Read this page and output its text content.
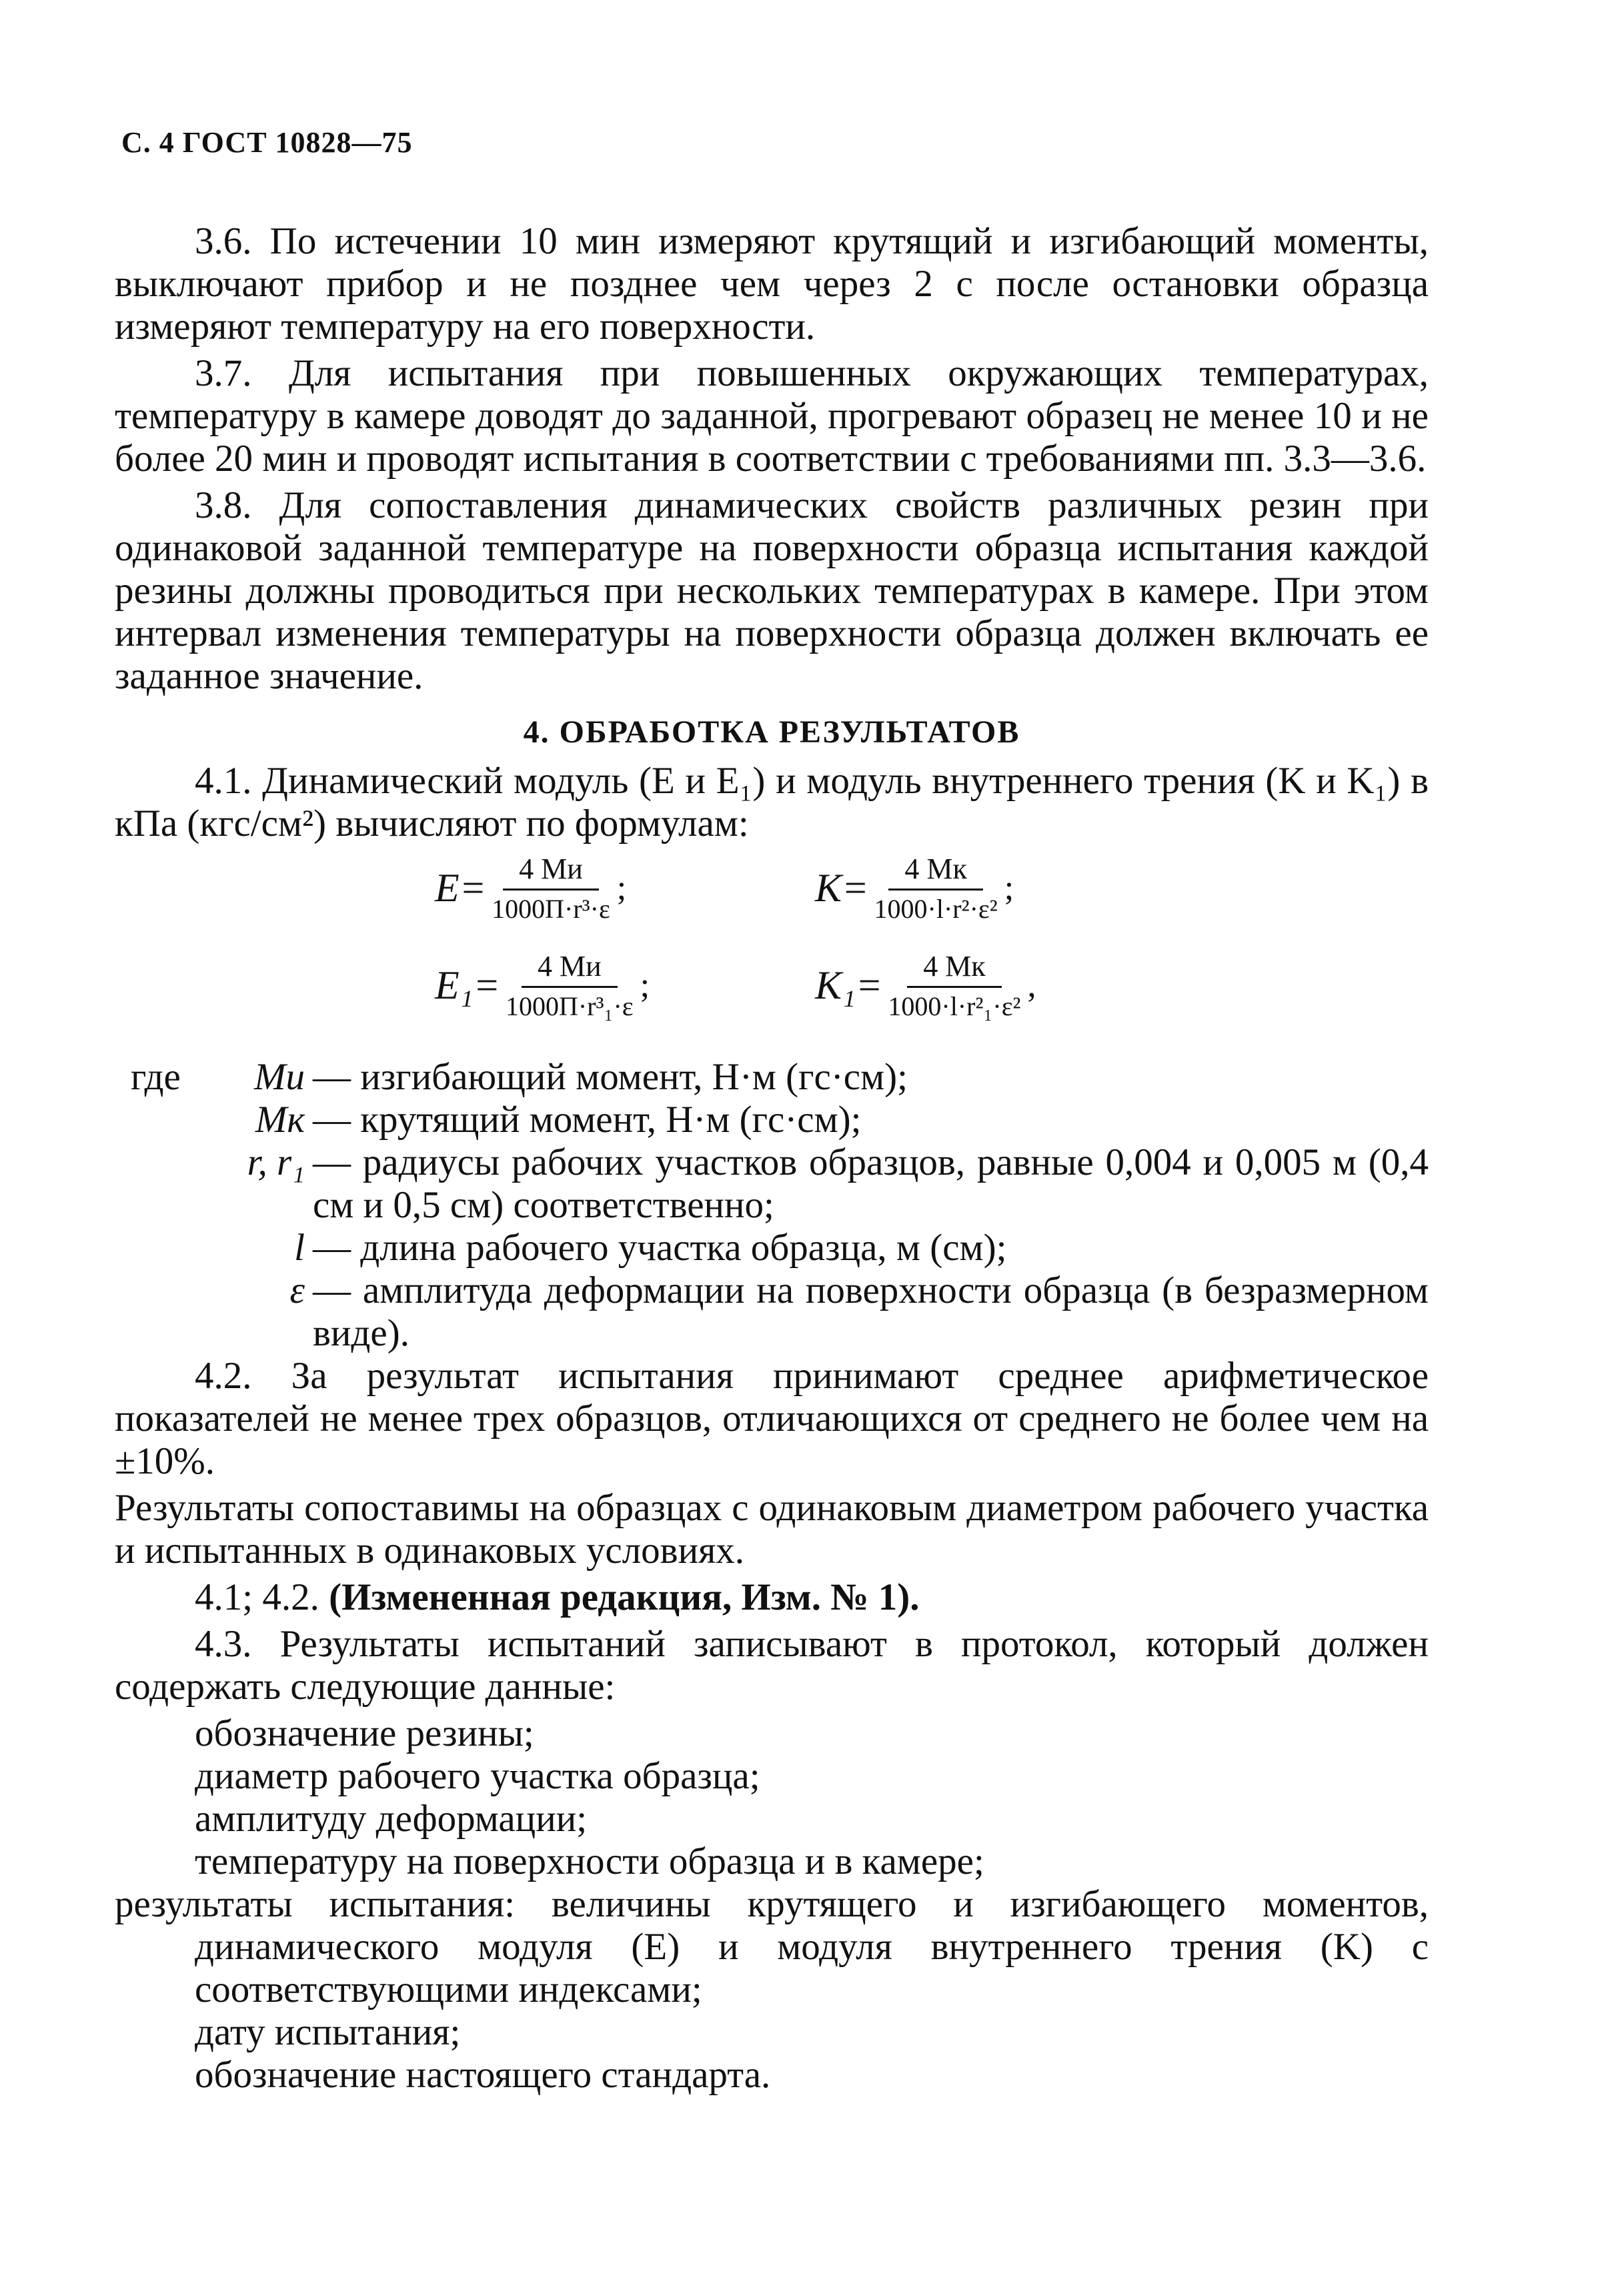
С. 4 ГОСТ 10828—75

3.6. По истечении 10 мин измеряют крутящий и изгибающий моменты, выключают прибор и не позднее чем через 2 с после остановки образца измеряют температуру на его поверхности.

3.7. Для испытания при повышенных окружающих температурах, температуру в камере доводят до заданной, прогревают образец не менее 10 и не более 20 мин и проводят испытания в соответствии с требованиями пп. 3.3—3.6.

3.8. Для сопоставления динамических свойств различных резин при одинаковой заданной температуре на поверхности образца испытания каждой резины должны проводиться при нескольких температурах в камере. При этом интервал изменения температуры на поверхности образца должен включать ее заданное значение.

4. ОБРАБОТКА РЕЗУЛЬТАТОВ

4.1. Динамический модуль (E и E₁) и модуль внутреннего трения (K и K₁) в кПа (кгс/см²) вычисляют по формулам:

$E= \frac{4 Mи}{\text{1000П·r³·ε}}$ ;	$K= \frac{4 Mк}{\text{1000·l·r²·ε²}}$ ;
$E_1= \frac{4 Mи}{\text{1000П·r³₁·ε}}$ ;	$K_1= \frac{4 Mк}{\text{1000·l·r²₁·ε²}}$ ,
где Mи — изгибающий момент, Н·м (гс·см);
Mк — крутящий момент, Н·м (гс·см);
r, r₁ — радиусы рабочих участков образцов, равные 0,004 и 0,005 м (0,4 см и 0,5 см) соответственно;
l — длина рабочего участка образца, м (см);
ε — амплитуда деформации на поверхности образца (в безразмерном виде).

4.2. За результат испытания принимают среднее арифметическое показателей не менее трех образцов, отличающихся от среднего не более чем на ±10%.

Результаты сопоставимы на образцах с одинаковым диаметром рабочего участка и испытанных в одинаковых условиях.

4.1; 4.2. (Измененная редакция, Изм. № 1).

4.3. Результаты испытаний записывают в протокол, который должен содержать следующие данные:

обозначение резины;

диаметр рабочего участка образца;

амплитуду деформации;

температуру на поверхности образца и в камере;

результаты испытания: величины крутящего и изгибающего моментов, динамического модуля (E) и модуля внутреннего трения (K) с соответствующими индексами;

дату испытания;

обозначение настоящего стандарта.
